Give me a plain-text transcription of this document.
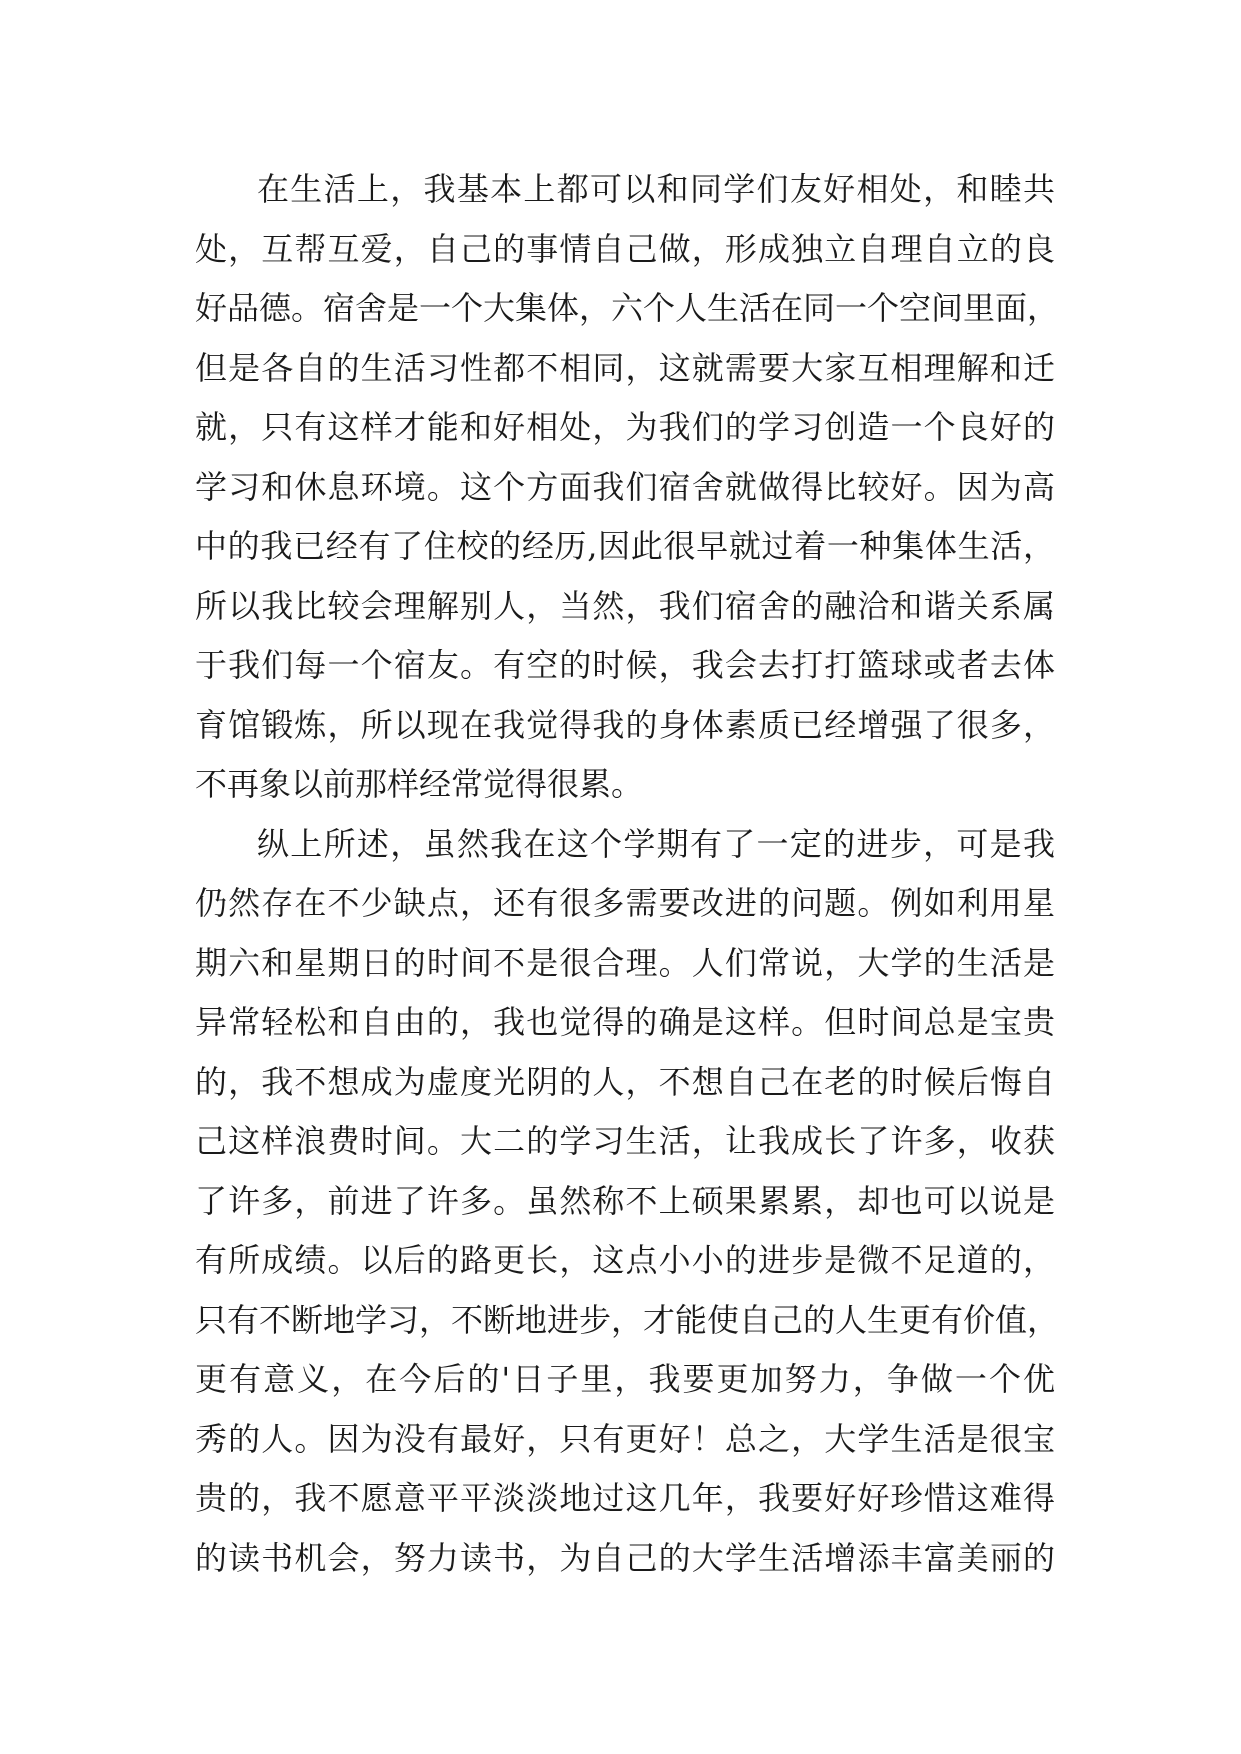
在生活上，我基本上都可以和同学们友好相处，和睦共
处，互帮互爱，自己的事情自己做，形成独立自理自立的良
好品德。宿舍是一个大集体，六个人生活在同一个空间里面，
但是各自的生活习性都不相同，这就需要大家互相理解和迁
就，只有这样才能和好相处，为我们的学习创造一个良好的
学习和休息环境。这个方面我们宿舍就做得比较好。因为高
中的我已经有了住校的经历,因此很早就过着一种集体生活，
所以我比较会理解别人，当然，我们宿舍的融洽和谐关系属
于我们每一个宿友。有空的时候，我会去打打篮球或者去体
育馆锻炼，所以现在我觉得我的身体素质已经增强了很多，
不再象以前那样经常觉得很累。
纵上所述，虽然我在这个学期有了一定的进步，可是我
仍然存在不少缺点，还有很多需要改进的问题。例如利用星
期六和星期日的时间不是很合理。人们常说，大学的生活是
异常轻松和自由的，我也觉得的确是这样。但时间总是宝贵
的，我不想成为虚度光阴的人，不想自己在老的时候后悔自
己这样浪费时间。大二的学习生活，让我成长了许多，收获
了许多，前进了许多。虽然称不上硕果累累，却也可以说是
有所成绩。以后的路更长，这点小小的进步是微不足道的，
只有不断地学习，不断地进步，才能使自己的人生更有价值，
更有意义，在今后的'日子里，我要更加努力，争做一个优
秀的人。因为没有最好，只有更好！总之，大学生活是很宝
贵的，我不愿意平平淡淡地过这几年，我要好好珍惜这难得
的读书机会，努力读书，为自己的大学生活增添丰富美丽的
